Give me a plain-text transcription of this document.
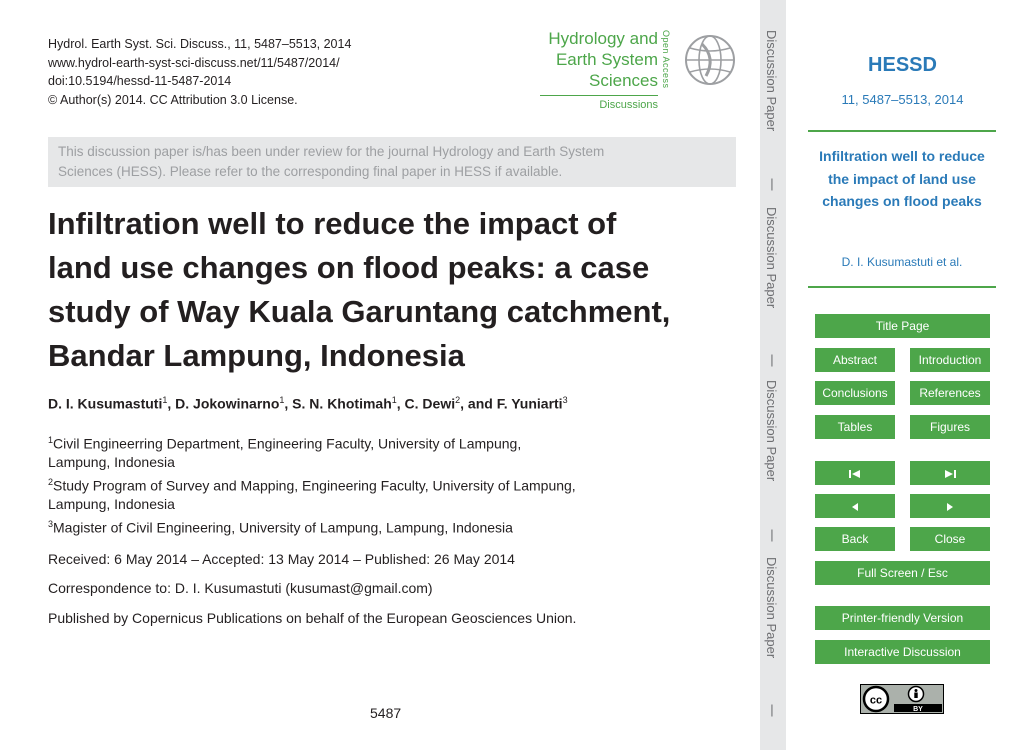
Hydrol. Earth Syst. Sci. Discuss., 11, 5487–5513, 2014
www.hydrol-earth-syst-sci-discuss.net/11/5487/2014/
doi:10.5194/hessd-11-5487-2014
© Author(s) 2014. CC Attribution 3.0 License.
Hydrology and
Earth System
Sciences
Discussions
Open Access
This discussion paper is/has been under review for the journal Hydrology and Earth System
Sciences (HESS). Please refer to the corresponding final paper in HESS if available.
Infiltration well to reduce the impact of
land use changes on flood peaks: a case
study of Way Kuala Garuntang catchment,
Bandar Lampung, Indonesia
D. I. Kusumastuti$^1$, D. Jokowinarno$^1$, S. N. Khotimah$^1$, C. Dewi$^2$, and F. Yuniarti$^3$
$^1$Civil Engineerring Department, Engineering Faculty, University of Lampung,
Lampung, Indonesia
$^2$Study Program of Survey and Mapping, Engineering Faculty, University of Lampung,
Lampung, Indonesia
$^3$Magister of Civil Engineering, University of Lampung, Lampung, Indonesia
Received: 6 May 2014 – Accepted: 13 May 2014 – Published: 26 May 2014
Correspondence to: D. I. Kusumastuti (kusumast@gmail.com)
Published by Copernicus Publications on behalf of the European Geosciences Union.
5487
Discussion Paper
|
Discussion Paper
|
Discussion Paper
|
Discussion Paper
|
HESSD
11, 5487–5513, 2014
Infiltration well to reduce the impact of land use changes on flood peaks
D. I. Kusumastuti et al.
Title Page
Abstract	Introduction
Conclusions	References
Tables	Figures
Back	Close
Full Screen / Esc
Printer-friendly Version
Interactive Discussion
cc
BY
